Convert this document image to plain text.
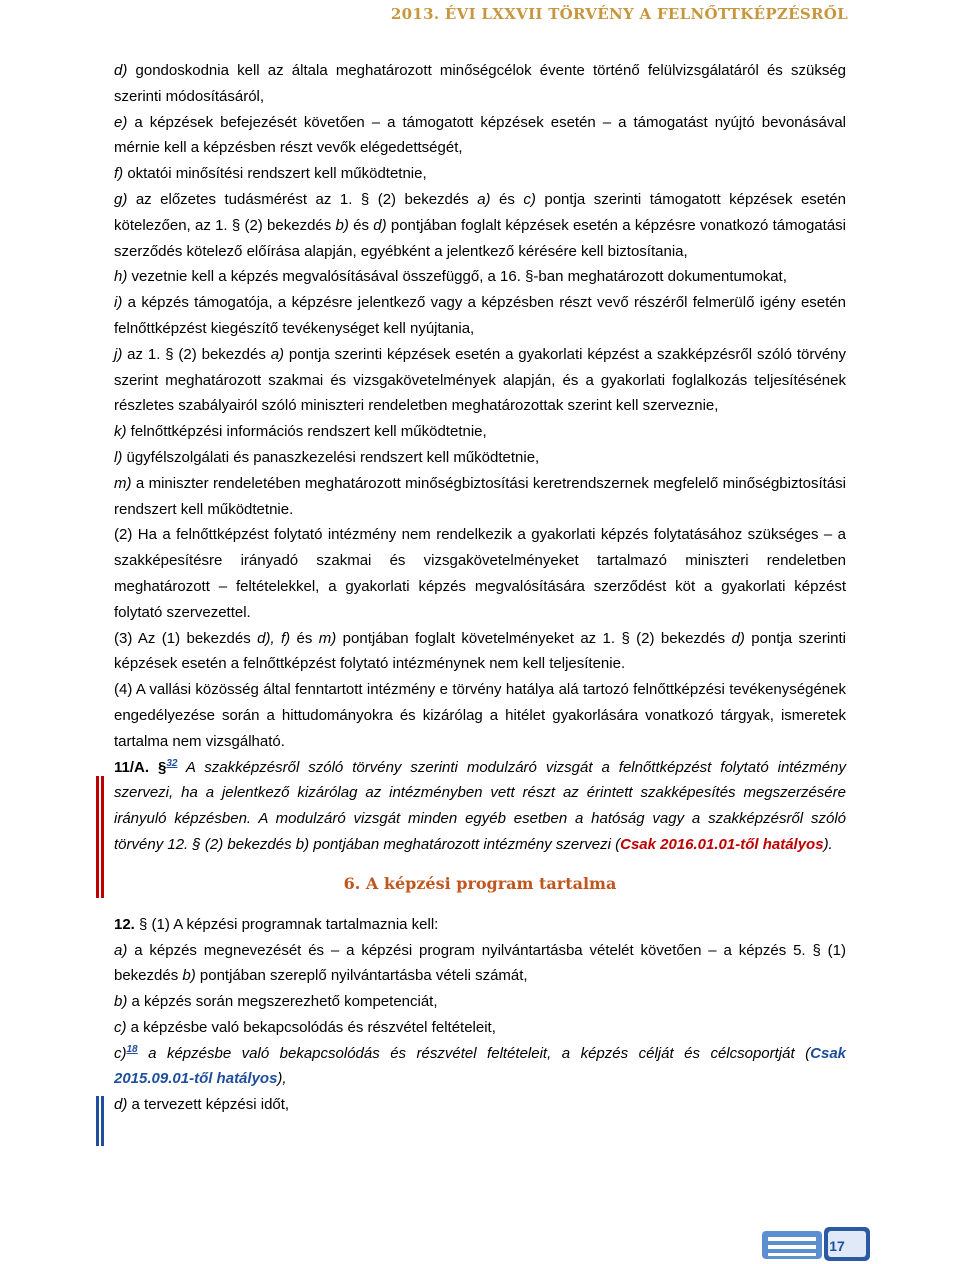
2013. ÉVI LXXVII TÖRVÉNY A FELNŐTTKÉPZÉSRŐL

d) gondoskodnia kell az általa meghatározott minőségcélok évente történő felülvizsgálatáról és szükség szerinti módosításáról,

e) a képzések befejezését követően – a támogatott képzések esetén – a támogatást nyújtó bevonásával mérnie kell a képzésben részt vevők elégedettségét,

f) oktatói minősítési rendszert kell működtetnie,

g) az előzetes tudásmérést az 1. § (2) bekezdés a) és c) pontja szerinti támogatott képzések esetén kötelezően, az 1. § (2) bekezdés b) és d) pontjában foglalt képzések esetén a képzésre vonatkozó támogatási szerződés kötelező előírása alapján, egyébként a jelentkező kérésére kell biztosítania,

h) vezetnie kell a képzés megvalósításával összefüggő, a 16. §-ban meghatározott dokumentumokat,

i) a képzés támogatója, a képzésre jelentkező vagy a képzésben részt vevő részéről felmerülő igény esetén felnőttképzést kiegészítő tevékenységet kell nyújtania,

j) az 1. § (2) bekezdés a) pontja szerinti képzések esetén a gyakorlati képzést a szakképzésről szóló törvény szerint meghatározott szakmai és vizsgakövetelmények alapján, és a gyakorlati foglalkozás teljesítésének részletes szabályairól szóló miniszteri rendeletben meghatározottak szerint kell szerveznie,

k) felnőttképzési információs rendszert kell működtetnie,

l) ügyfélszolgálati és panaszkezelési rendszert kell működtetnie,

m) a miniszter rendeletében meghatározott minőségbiztosítási keretrendszernek megfelelő minőségbiztosítási rendszert kell működtetnie.

(2) Ha a felnőttképzést folytató intézmény nem rendelkezik a gyakorlati képzés folytatásához szükséges – a szakképesítésre irányadó szakmai és vizsgakövetelményeket tartalmazó miniszteri rendeletben meghatározott – feltételekkel, a gyakorlati képzés megvalósítására szerződést köt a gyakorlati képzést folytató szervezettel.

(3) Az (1) bekezdés d), f) és m) pontjában foglalt követelményeket az 1. § (2) bekezdés d) pontja szerinti képzések esetén a felnőttképzést folytató intézménynek nem kell teljesítenie.

(4) A vallási közösség által fenntartott intézmény e törvény hatálya alá tartozó felnőttképzési tevékenységének engedélyezése során a hittudományokra és kizárólag a hitélet gyakorlására vonatkozó tárgyak, ismeretek tartalma nem vizsgálható.

11/A. §$^{32}$ A szakképzésről szóló törvény szerinti modulzáró vizsgát a felnőttképzést folytató intézmény szervezi, ha a jelentkező kizárólag az intézményben vett részt az érintett szakképesítés megszerzésére irányuló képzésben. A modulzáró vizsgát minden egyéb esetben a hatóság vagy a szakképzésről szóló törvény 12. § (2) bekezdés b) pontjában meghatározott intézmény szervezi (Csak 2016.01.01-től hatályos).

6. A képzési program tartalma

12. § (1) A képzési programnak tartalmaznia kell:

a) a képzés megnevezését és – a képzési program nyilvántartásba vételét követően – a képzés 5. § (1) bekezdés b) pontjában szereplő nyilvántartásba vételi számát,

b) a képzés során megszerezhető kompetenciát,

c) a képzésbe való bekapcsolódás és részvétel feltételeit,

c)$^{18}$ a képzésbe való bekapcsolódás és részvétel feltételeit, a képzés célját és célcsoportját (Csak 2015.09.01-től hatályos),

d) a tervezett képzési időt,

17
